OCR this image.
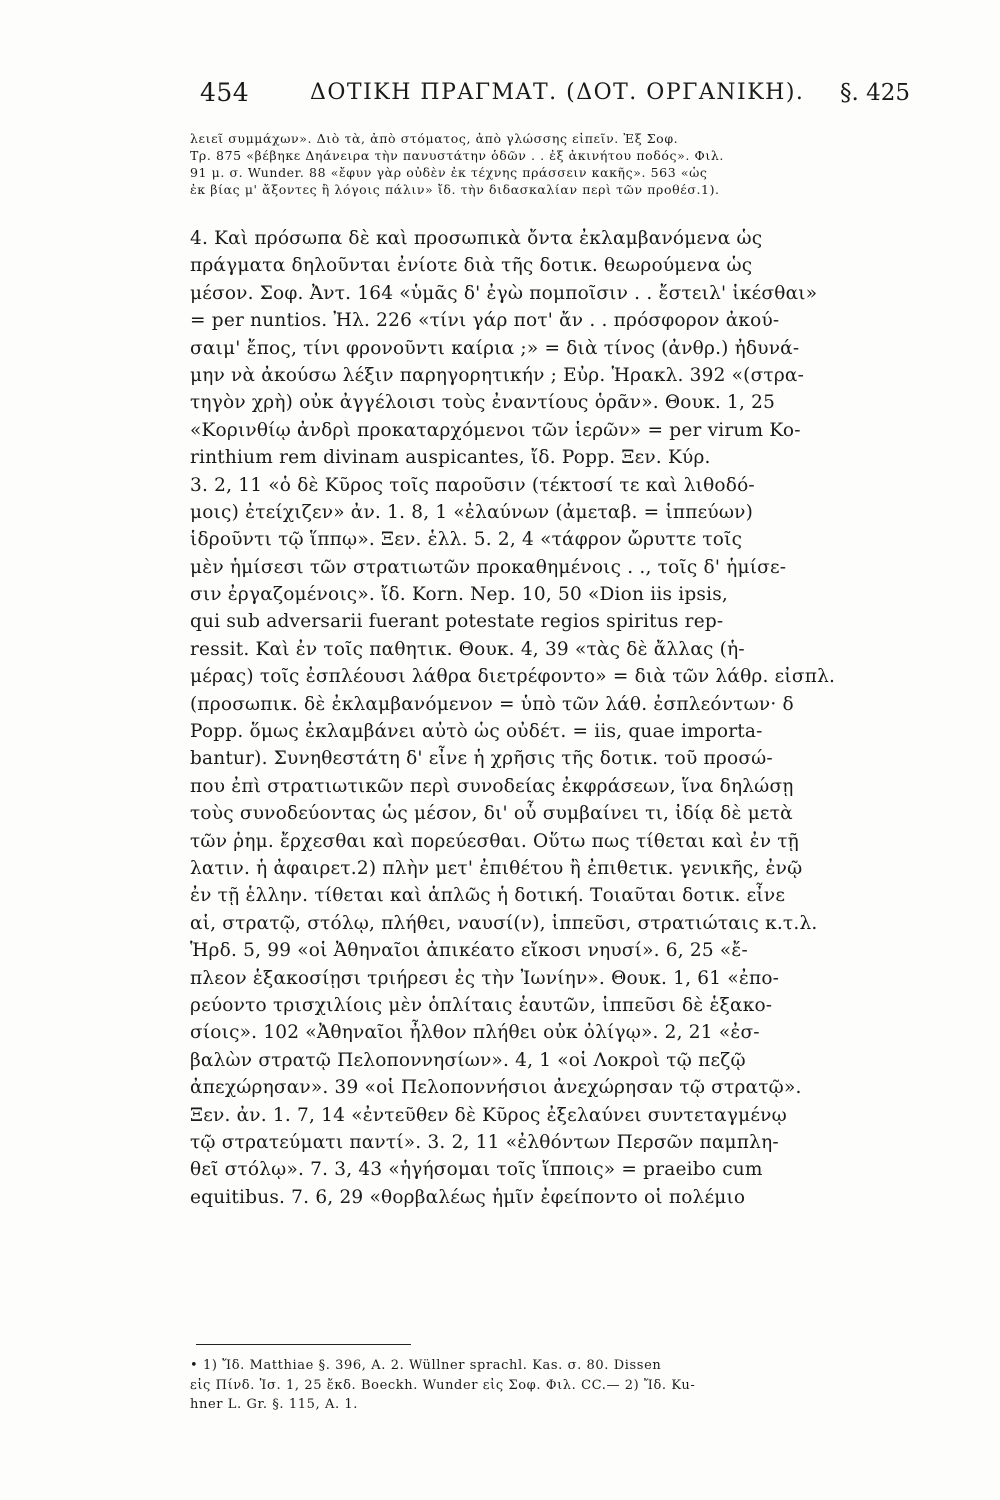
454	ΔΟΤΙΚΗ ΠΡΑΓΜΑΤ. (ΔΟΤ. ΟΡΓΑΝΙΚΗ). §. 425
λειεῖ συμμάχων». Διὸ τὰ, ἀπὸ στόματος, ἀπὸ γλώσσης εἰπεῖν. Ἐξ Σοφ.
Τρ. 875 «βέβηκε Δηάνειρα τὴν πανυστάτην ὁδῶν . . ἐξ ἀκινήτου ποδός». Φιλ.
91 μ. σ. Wunder. 88 «ἔφυν γὰρ οὐδὲν ἐκ τέχνης πράσσειν κακῆς». 563 «ὡς
ἐκ βίας μ' ἄξοντες ἢ λόγοις πάλιν» ἴδ. τὴν διδασκαλίαν περὶ τῶν προθέσ.1).
4. Καὶ πρόσωπα δὲ καὶ προσωπικὰ ὄντα ἐκλαμβανόμενα ὡς
πράγματα δηλοῦνται ἐνίοτε διὰ τῆς δοτικ. θεωρούμενα ὡς
μέσον. Σοφ. Ἀντ. 164 «ὑμᾶς δ' ἐγὼ πομποῖσιν . . ἔστειλ' ἱκέσθαι»
= per nuntios. Ἠλ. 226 «τίνι γάρ ποτ' ἄν . . πρόσφορον ἀκού-
σαιμ' ἔπος, τίνι φρονοῦντι καίρια ;» = διὰ τίνος (ἀνθρ.) ἠδυνά-
μην νὰ ἀκούσω λέξιν παρηγορητικήν ; Εὐρ. Ἡρακλ. 392 «(στρα-
τηγὸν χρὴ) οὐκ ἀγγέλοισι τοὺς ἐναντίους ὁρᾶν». Θουκ. 1, 25
«Κορινθίῳ ἀνδρὶ προκαταρχόμενοι τῶν ἱερῶν» = per virum Ko-
rinthium rem divinam auspicantes, ἴδ. Popp. Ξεν. Κύρ.
3. 2, 11 «ὁ δὲ Κῦρος τοῖς παροῦσιν (τέκτοσί τε καὶ λιθοδό-
μοις) ἐτείχιζεν» ἀν. 1. 8, 1 «ἐλαύνων (ἀμεταβ. = ἱππεύων)
ἱδροῦντι τῷ ἵππῳ». Ξεν. ἑλλ. 5. 2, 4 «τάφρον ὤρυττε τοῖς
μὲν ἡμίσεσι τῶν στρατιωτῶν προκαθημένοις . ., τοῖς δ' ἡμίσε-
σιν ἐργαζομένοις». ἴδ. Korn. Nep. 10, 50 «Dion iis ipsis,
qui sub adversarii fuerant potestate regios spiritus rep-
ressit. Καὶ ἐν τοῖς παθητικ. Θουκ. 4, 39 «τὰς δὲ ἄλλας (ἡ-
μέρας) τοῖς ἐσπλέουσι λάθρα διετρέφοντο» = διὰ τῶν λάθρ. εἰσπλ.
(προσωπικ. δὲ ἐκλαμβανόμενον = ὑπὸ τῶν λάθ. ἐσπλεόντων· δ
Popp. ὅμως ἐκλαμβάνει αὐτὸ ὡς οὐδέτ. = iis, quae importa-
bantur). Συνηθεστάτη δ' εἶνε ἡ χρῆσις τῆς δοτικ. τοῦ προσώ-
που ἐπὶ στρατιωτικῶν περὶ συνοδείας ἐκφράσεων, ἵνα δηλώσῃ
τοὺς συνοδεύοντας ὡς μέσον, δι' οὗ συμβαίνει τι, ἰδίᾳ δὲ μετὰ
τῶν ῥημ. ἔρχεσθαι καὶ πορεύεσθαι. Οὕτω πως τίθεται καὶ ἐν τῇ
λατιν. ἡ ἀφαιρετ.2) πλὴν μετ' ἐπιθέτου ἢ ἐπιθετικ. γενικῆς, ἐνῷ
ἐν τῇ ἑλλην. τίθεται καὶ ἁπλῶς ἡ δοτική. Τοιαῦται δοτικ. εἶνε
αἱ, στρατῷ, στόλῳ, πλήθει, ναυσί(ν), ἱππεῦσι, στρατιώταις κ.τ.λ.
Ἡρδ. 5, 99 «οἱ Ἀθηναῖοι ἀπικέατο εἴκοσι νηυσί». 6, 25 «ἔ-
πλεον ἑξακοσίῃσι τριήρεσι ἐς τὴν Ἰωνίην». Θουκ. 1, 61 «ἐπο-
ρεύοντο τρισχιλίοις μὲν ὁπλίταις ἑαυτῶν, ἱππεῦσι δὲ ἑξακο-
σίοις». 102 «Ἀθηναῖοι ἦλθον πλήθει οὐκ ὀλίγῳ». 2, 21 «ἐσ-
βαλὼν στρατῷ Πελοποννησίων». 4, 1 «οἱ Λοκροὶ τῷ πεζῷ
ἀπεχώρησαν». 39 «οἱ Πελοποννήσιοι ἀνεχώρησαν τῷ στρατῷ».
Ξεν. ἀν. 1. 7, 14 «ἐντεῦθεν δὲ Κῦρος ἐξελαύνει συντεταγμένῳ
τῷ στρατεύματι παντί». 3. 2, 11 «ἐλθόντων Περσῶν παμπλη-
θεῖ στόλῳ». 7. 3, 43 «ἡγήσομαι τοῖς ἵπποις» = praeibo cum
equitibus. 7. 6, 29 «θορβαλέως ἡμῖν ἐφείποντο οἱ πολέμιο
• 1) Ἴδ. Matthiae §. 396, A. 2. Wüllner sprachl. Kas. σ. 80. Dissen
εἰς Πίνδ. Ἰσ. 1, 25 ἔκδ. Boeckh. Wunder εἰς Σοφ. Φιλ. CC.— 2) Ἴδ. Ku-
hner L. Gr. §. 115, A. 1.
